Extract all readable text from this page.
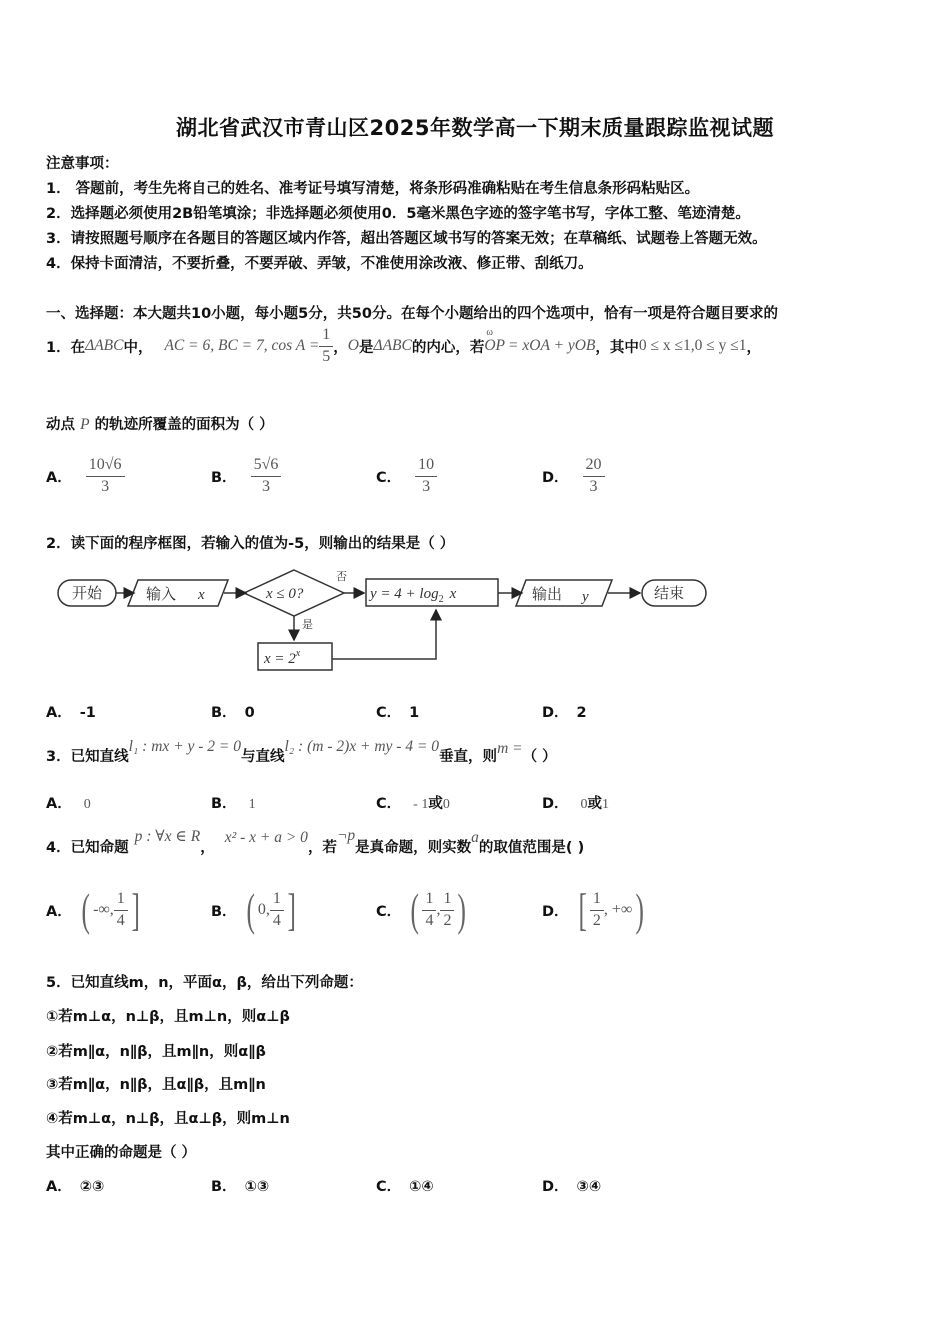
湖北省武汉市青山区2025年数学高一下期末质量跟踪监视试题
注意事项：
1． 答题前，考生先将自己的姓名、准考证号填写清楚，将条形码准确粘贴在考生信息条形码粘贴区。
2．选择题必须使用2B铅笔填涂；非选择题必须使用0．5毫米黑色字迹的签字笔书写，字体工整、笔迹清楚。
3．请按照题号顺序在各题目的答题区域内作答，超出答题区域书写的答案无效；在草稿纸、试题卷上答题无效。
4．保持卡面清洁，不要折叠，不要弄破、弄皱，不准使用涂改液、修正带、刮纸刀。
一、选择题：本大题共10小题，每小题5分，共50分。在每个小题给出的四个选项中，恰有一项是符合题目要求的
1．在 ΔABC 中， AC = 6, BC = 7, $\cos A = \frac{1}{5}$ ， O 是 ΔABC 的内心，若
ω OP = xOA + yOB ，其中 0 ≤ x ≤1,0 ≤ y ≤1 ，
动点 P 的轨迹所覆盖的面积为（ ）
A． $\frac{10√6}{3}$	B． $\frac{5√6}{3}$	C． $\frac{10}{3}$	D． $\frac{20}{3}$
2．读下面的程序框图，若输入的值为-5，则输出的结果是（ ）
开始	输入 x	x ≤ 0?
否
是
$y = 4 + \log_2 x$	输出 y	结束
$x = 2^x$
A． -1	B． 0	C． 1	D． 2
3．已知直线
l₁ : mx + y - 2 = 0
与直线
l₂ : (m - 2)x + my - 4 = 0
垂直，则 m = （ ）
A． 0	B． 1	C． - 1或0	D． 0或1
4．已知命题
p : ∀x ∈ R
，
x² - x + a > 0
，若
¬p
是真命题，则实数
a
的取值范围是( )
A． ( -∞, $\frac{1}{4}$ ]	B． ( 0, $\frac{1}{4}$ ]	C． ( $\frac{1}{4}$ , $\frac{1}{2}$ )	D． [ $\frac{1}{2}$ , +∞ )
5．已知直线m，n，平面α，β，给出下列命题：
①若m⊥α，n⊥β，且m⊥n，则α⊥β
②若m∥α，n∥β，且m∥n，则α∥β
③若m∥α，n∥β，且α∥β，且m∥n
④若m⊥α，n⊥β，且α⊥β，则m⊥n
其中正确的命题是（ ）
A． ②③	B． ①③	C． ①④	D． ③④
